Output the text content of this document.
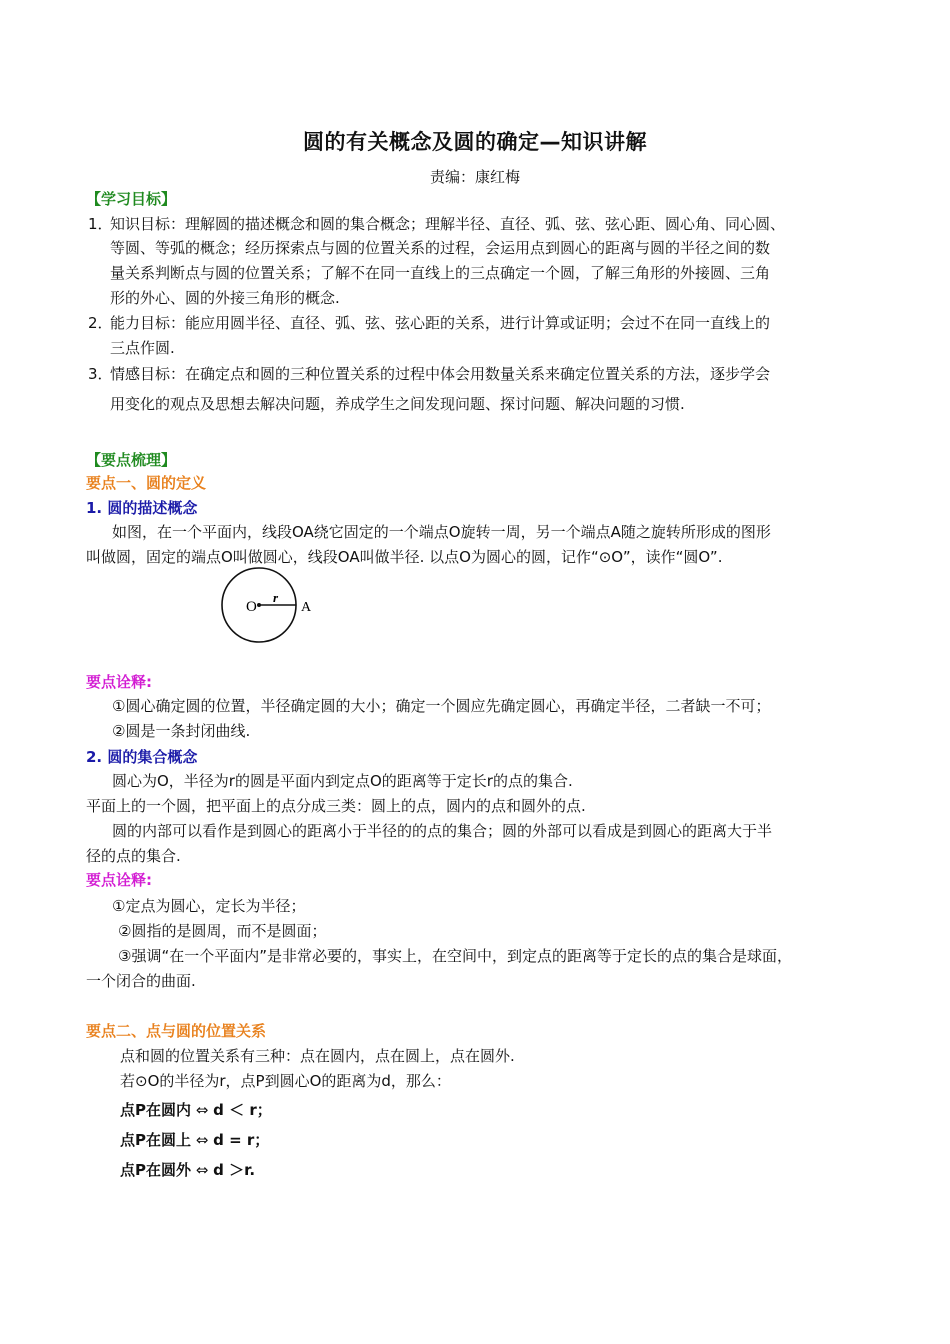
圆的有关概念及圆的确定—知识讲解
责编：康红梅
【学习目标】
1．知识目标：理解圆的描述概念和圆的集合概念；理解半径、直径、弧、弦、弦心距、圆心角、同心圆、
等圆、等弧的概念；经历探索点与圆的位置关系的过程，会运用点到圆心的距离与圆的半径之间的数
量关系判断点与圆的位置关系；了解不在同一直线上的三点确定一个圆，了解三角形的外接圆、三角
形的外心、圆的外接三角形的概念.
2．能力目标：能应用圆半径、直径、弧、弦、弦心距的关系，进行计算或证明；会过不在同一直线上的
三点作圆.
3．情感目标：在确定点和圆的三种位置关系的过程中体会用数量关系来确定位置关系的方法，逐步学会
用变化的观点及思想去解决问题，养成学生之间发现问题、探讨问题、解决问题的习惯.
【要点梳理】
要点一、圆的定义
1. 圆的描述概念
如图，在一个平面内，线段OA绕它固定的一个端点O旋转一周，另一个端点A随之旋转所形成的图形
叫做圆，固定的端点O叫做圆心，线段OA叫做半径. 以点O为圆心的圆，记作“⊙O”，读作“圆O”.
O
r
A
要点诠释:
①圆心确定圆的位置，半径确定圆的大小；确定一个圆应先确定圆心，再确定半径，二者缺一不可；
②圆是一条封闭曲线.
2. 圆的集合概念
圆心为O，半径为r的圆是平面内到定点O的距离等于定长r的点的集合.
平面上的一个圆，把平面上的点分成三类：圆上的点，圆内的点和圆外的点.
圆的内部可以看作是到圆心的距离小于半径的的点的集合；圆的外部可以看成是到圆心的距离大于半
径的点的集合.
要点诠释:
①定点为圆心，定长为半径；
②圆指的是圆周，而不是圆面；
③强调“在一个平面内”是非常必要的，事实上，在空间中，到定点的距离等于定长的点的集合是球面，
一个闭合的曲面.
要点二、点与圆的位置关系
点和圆的位置关系有三种：点在圆内，点在圆上，点在圆外.
若⊙O的半径为r，点P到圆心O的距离为d，那么：
点P在圆内 ⇔ d ＜ r；
点P在圆上 ⇔ d = r；
点P在圆外 ⇔ d ＞r.
